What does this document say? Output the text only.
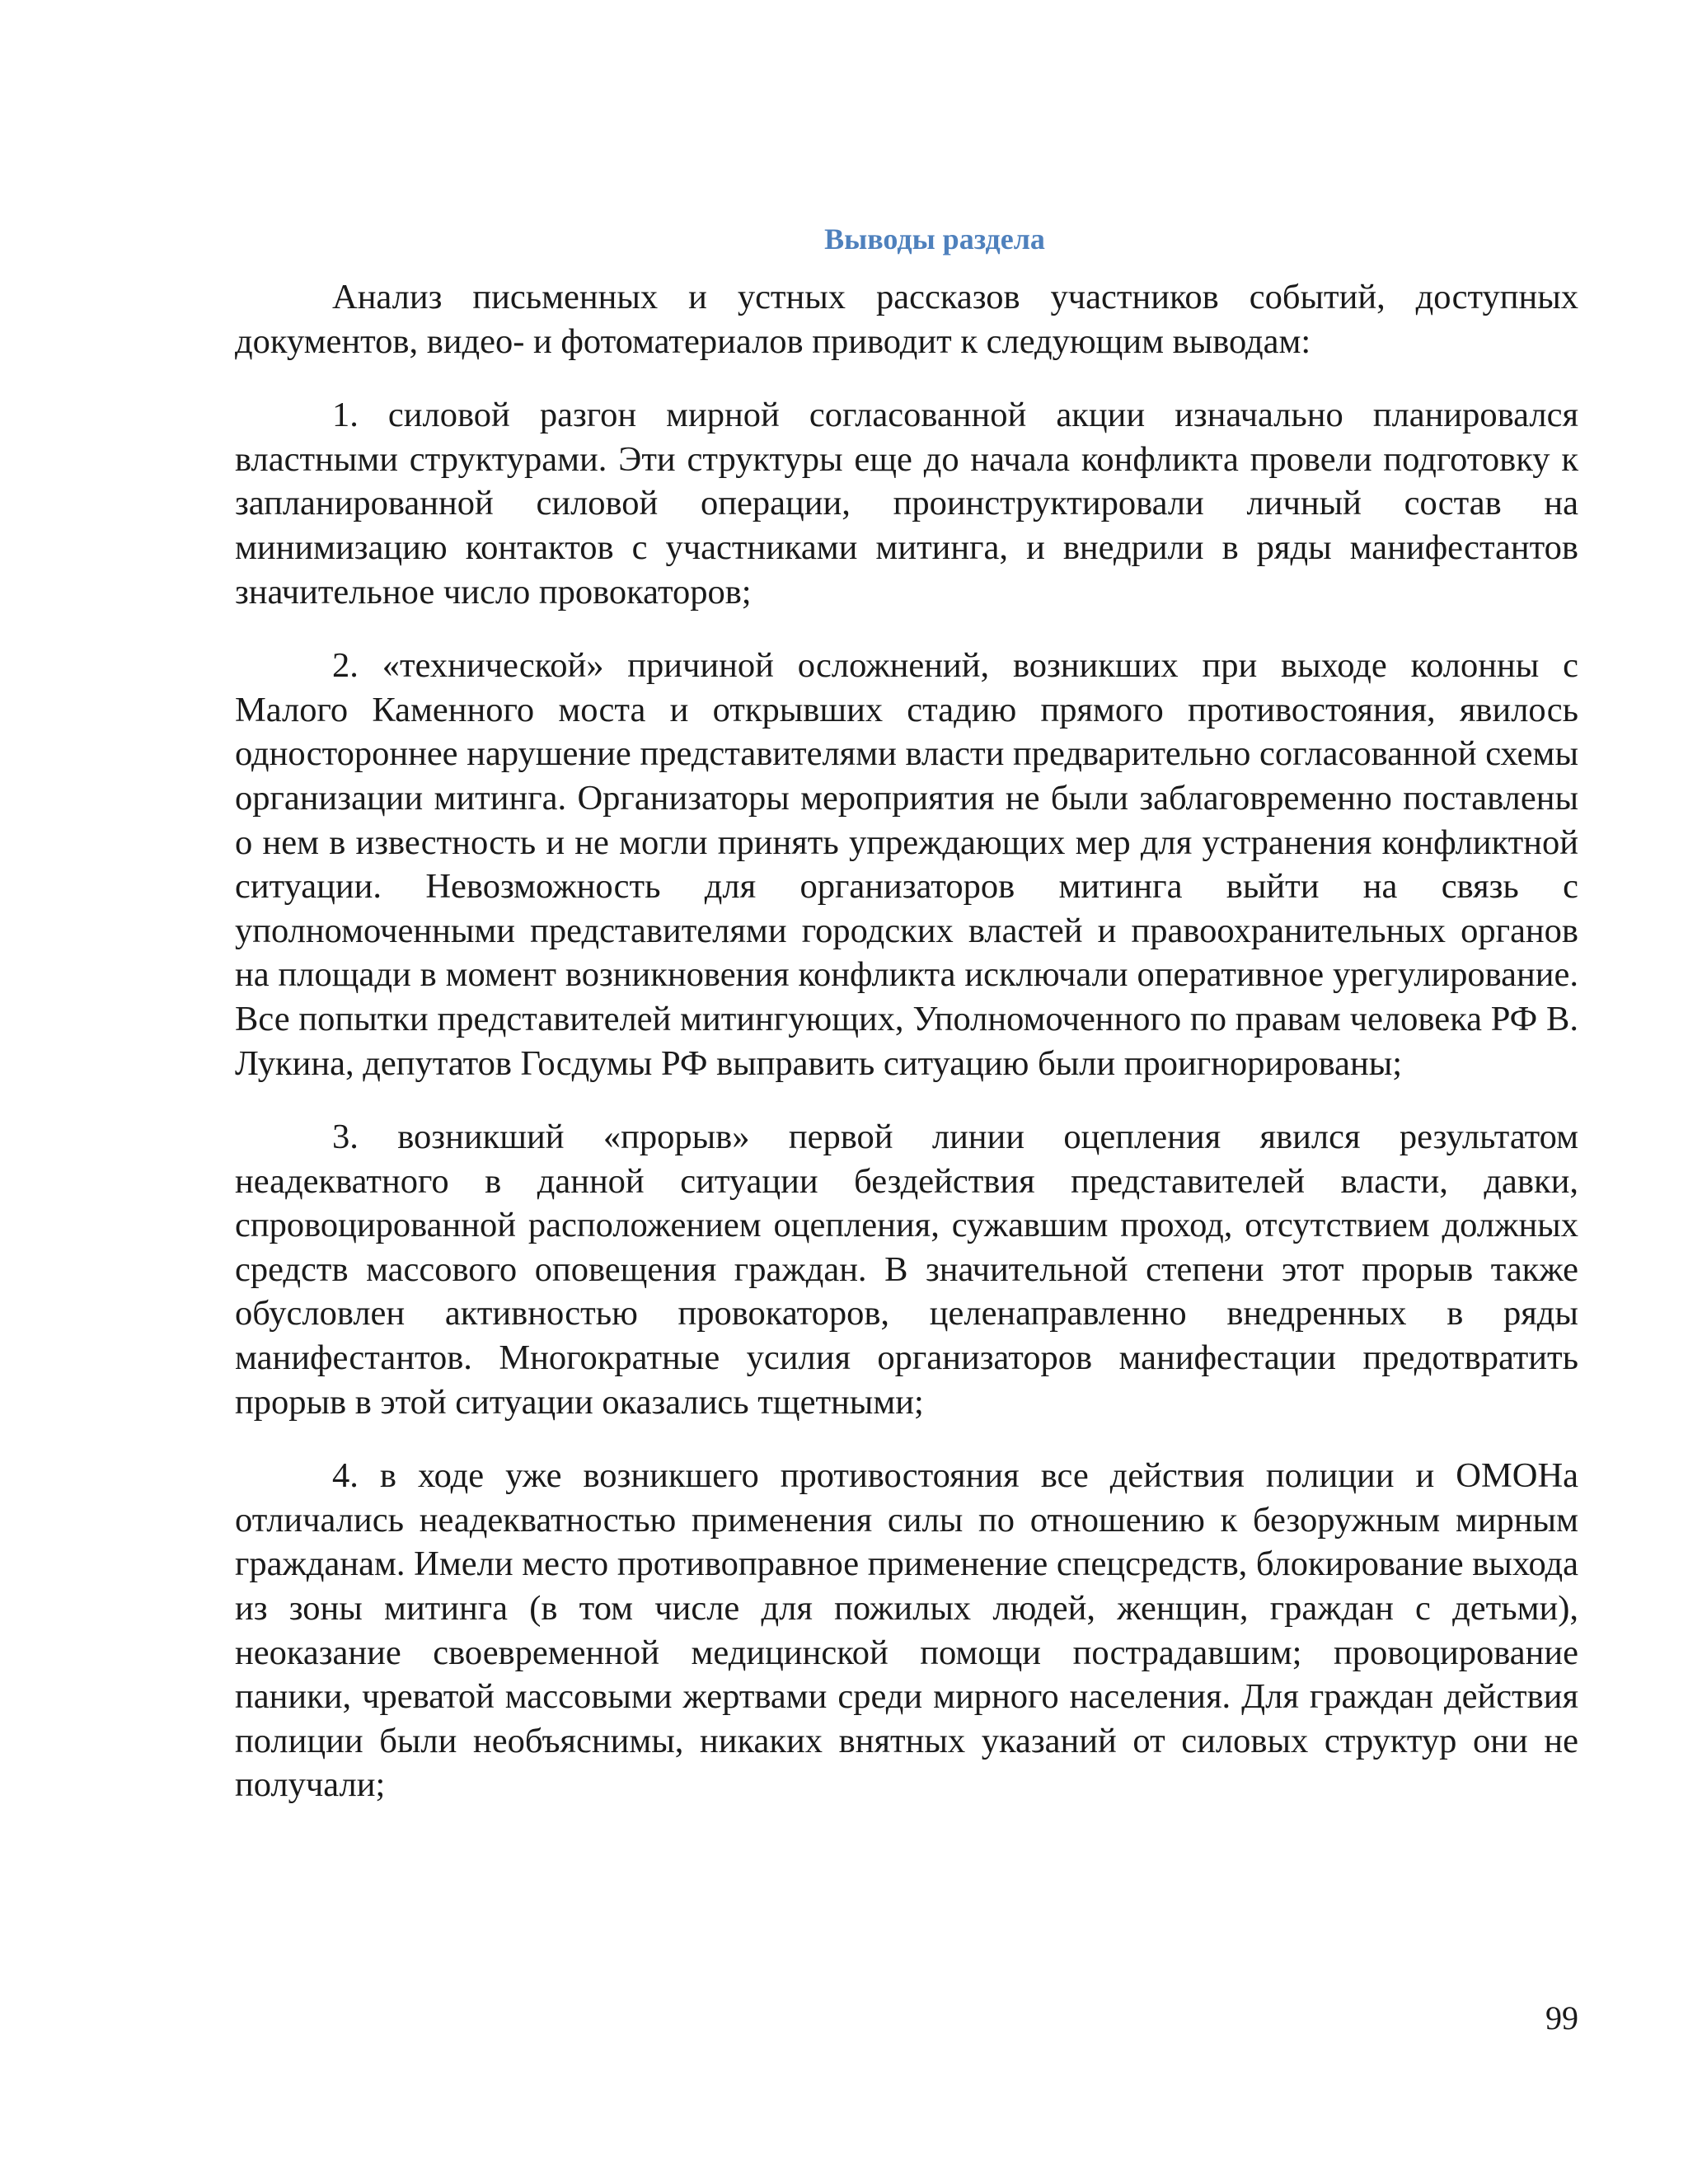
Выводы раздела

Анализ письменных и устных рассказов участников событий, доступных документов, видео- и фотоматериалов приводит к следующим выводам:

1. силовой разгон мирной согласованной акции изначально планировался властными структурами. Эти структуры еще до начала конфликта провели подготовку к запланированной силовой операции, проинструктировали личный состав на минимизацию контактов с участниками митинга, и внедрили в ряды манифестантов значительное число провокаторов;

2. «технической» причиной осложнений, возникших при выходе колонны с Малого Каменного моста и открывших стадию прямого противостояния, явилось одностороннее нарушение представителями власти предварительно согласованной схемы организации митинга. Организаторы мероприятия не были заблаговременно поставлены о нем в известность и не могли принять упреждающих мер для устранения конфликтной ситуации. Невозможность для организаторов митинга выйти на связь с уполномоченными представителями городских властей и правоохранительных органов на площади в момент возникновения конфликта исключали оперативное урегулирование. Все попытки представителей митингующих, Уполномоченного по правам человека РФ В. Лукина, депутатов Госдумы РФ выправить ситуацию были проигнорированы;

3. возникший «прорыв» первой линии оцепления явился результатом неадекватного в данной ситуации бездействия представителей власти, давки, спровоцированной расположением оцепления, сужавшим проход, отсутствием должных средств массового оповещения граждан. В значительной степени этот прорыв также обусловлен активностью провокаторов, целенаправленно внедренных в ряды манифестантов. Многократные усилия организаторов манифестации предотвратить прорыв в этой ситуации оказались тщетными;

4. в ходе уже возникшего противостояния все действия полиции и ОМОНа отличались неадекватностью применения силы по отношению к безоружным мирным гражданам. Имели место противоправное применение спецсредств, блокирование выхода из зоны митинга (в том числе для пожилых людей, женщин, граждан с детьми), неоказание своевременной медицинской помощи пострадавшим; провоцирование паники, чреватой массовыми жертвами среди мирного населения. Для граждан действия полиции были необъяснимы, никаких внятных указаний от силовых структур они не получали;

99
